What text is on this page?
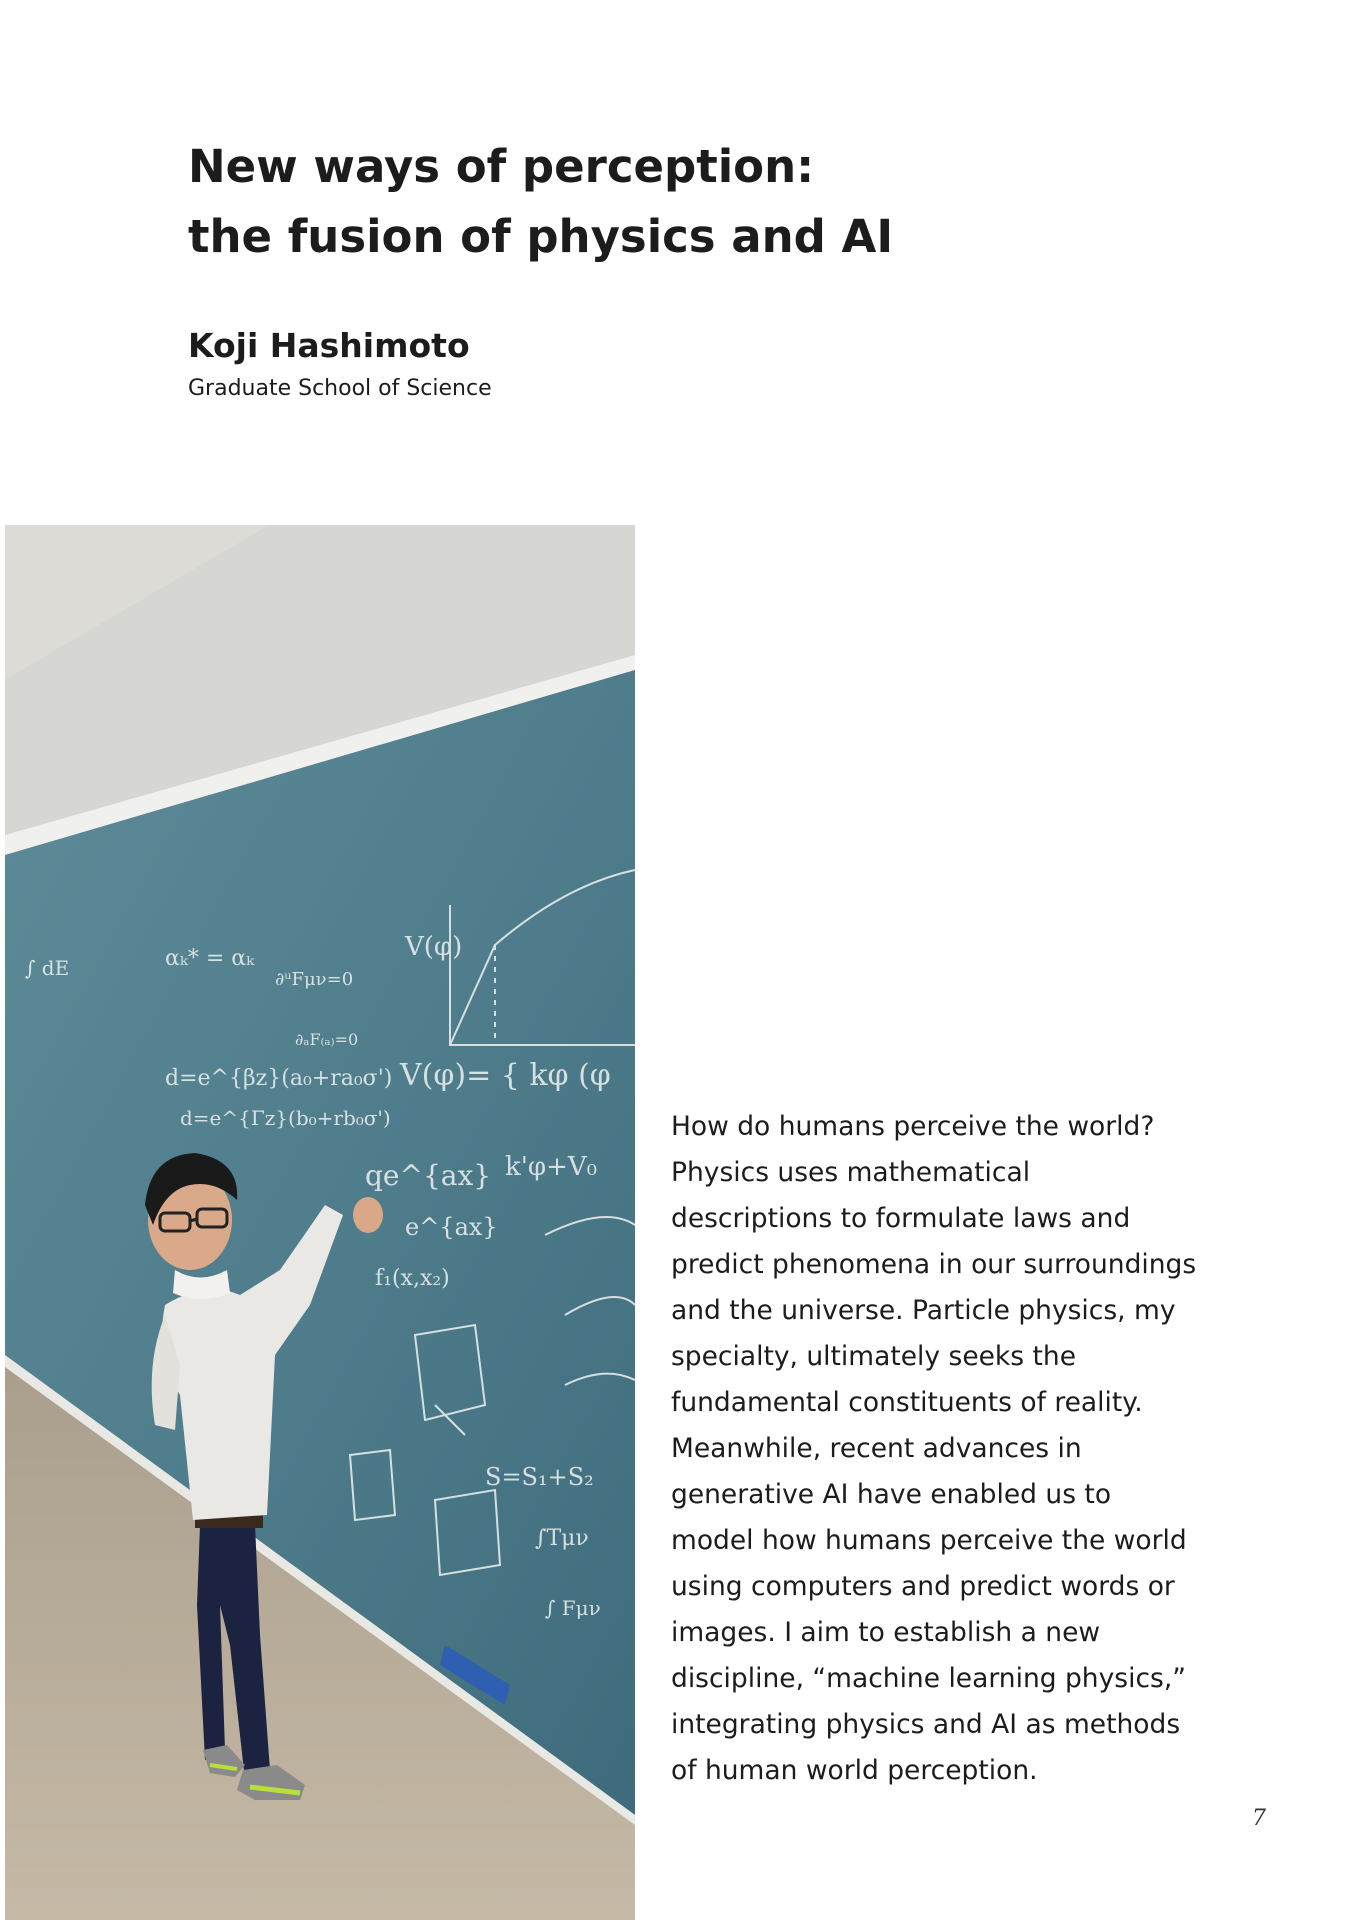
New ways of perception:
the fusion of physics and AI
Koji Hashimoto
Graduate School of Science
V(φ)
V(φ)= { kφ (φ
k'φ+V₀
d=e^{βz}(a₀+ra₀σ')
d=e^{Γz}(b₀+rb₀σ')
qe^{ax}
e^{ax}
∂ᵘFμν=0
∂ₐF₍ₐ₎=0
αₖ* = αₖ
∫ dE
f₁(x,x₂)
S=S₁+S₂
∫Tμν
∫ Fμν
How do humans perceive the world?
Physics uses mathematical
descriptions to formulate laws and
predict phenomena in our surroundings
and the universe. Particle physics, my
specialty, ultimately seeks the
fundamental constituents of reality.
Meanwhile, recent advances in
generative AI have enabled us to
model how humans perceive the world
using computers and predict words or
images. I aim to establish a new
discipline, “machine learning physics,”
integrating physics and AI as methods
of human world perception.
7
